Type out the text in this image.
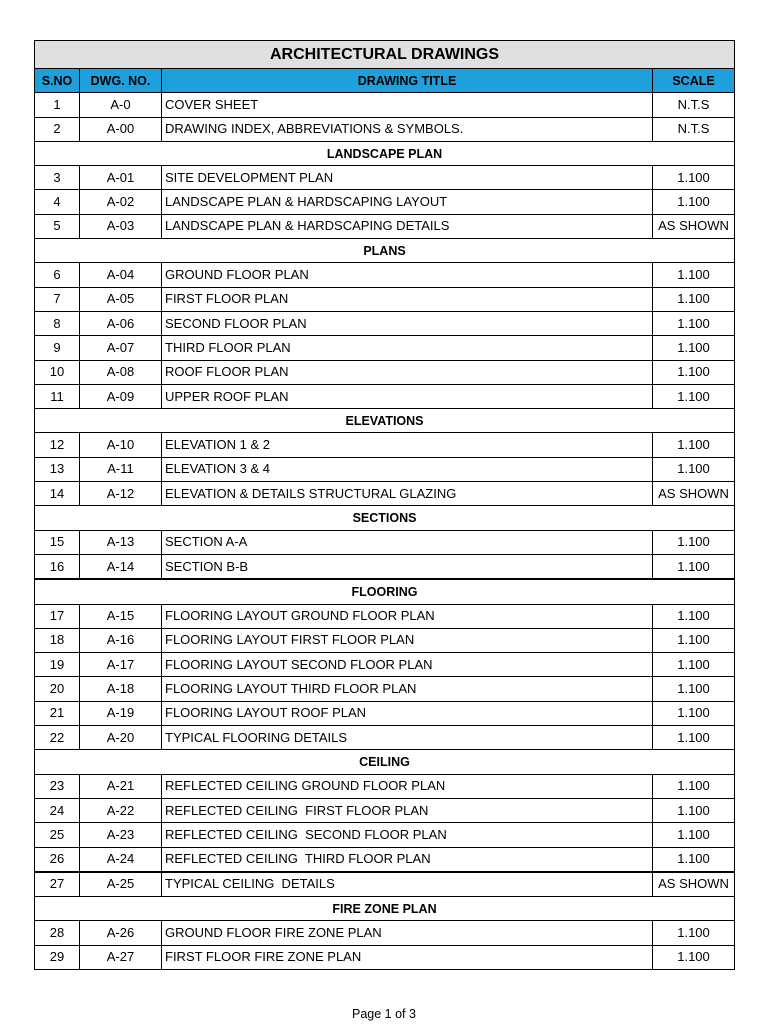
ARCHITECTURAL DRAWINGS			
S.NO	DWG. NO.	DRAWING TITLE	SCALE
1	A-0	COVER SHEET	N.T.S
2	A-00	DRAWING INDEX, ABBREVIATIONS & SYMBOLS.	N.T.S
LANDSCAPE PLAN			
3	A-01	SITE DEVELOPMENT PLAN	1.100
4	A-02	LANDSCAPE PLAN & HARDSCAPING LAYOUT	1.100
5	A-03	LANDSCAPE PLAN & HARDSCAPING DETAILS	AS SHOWN
PLANS			
6	A-04	GROUND FLOOR PLAN	1.100
7	A-05	FIRST FLOOR PLAN	1.100
8	A-06	SECOND FLOOR PLAN	1.100
9	A-07	THIRD FLOOR PLAN	1.100
10	A-08	ROOF FLOOR PLAN	1.100
11	A-09	UPPER ROOF PLAN	1.100
ELEVATIONS			
12	A-10	ELEVATION 1 & 2	1.100
13	A-11	ELEVATION 3 & 4	1.100
14	A-12	ELEVATION & DETAILS STRUCTURAL GLAZING	AS SHOWN
SECTIONS			
15	A-13	SECTION A-A	1.100
16	A-14	SECTION B-B	1.100
FLOORING			
17	A-15	FLOORING LAYOUT GROUND FLOOR PLAN	1.100
18	A-16	FLOORING LAYOUT FIRST FLOOR PLAN	1.100
19	A-17	FLOORING LAYOUT SECOND FLOOR PLAN	1.100
20	A-18	FLOORING LAYOUT THIRD FLOOR PLAN	1.100
21	A-19	FLOORING LAYOUT ROOF PLAN	1.100
22	A-20	TYPICAL FLOORING DETAILS	1.100
CEILING			
23	A-21	REFLECTED CEILING GROUND FLOOR PLAN	1.100
24	A-22	REFLECTED CEILING  FIRST FLOOR PLAN	1.100
25	A-23	REFLECTED CEILING  SECOND FLOOR PLAN	1.100
26	A-24	REFLECTED CEILING  THIRD FLOOR PLAN	1.100
27	A-25	TYPICAL CEILING  DETAILS	AS SHOWN
FIRE ZONE PLAN			
28	A-26	GROUND FLOOR FIRE ZONE PLAN	1.100
29	A-27	FIRST FLOOR FIRE ZONE PLAN	1.100
Page 1 of 3
